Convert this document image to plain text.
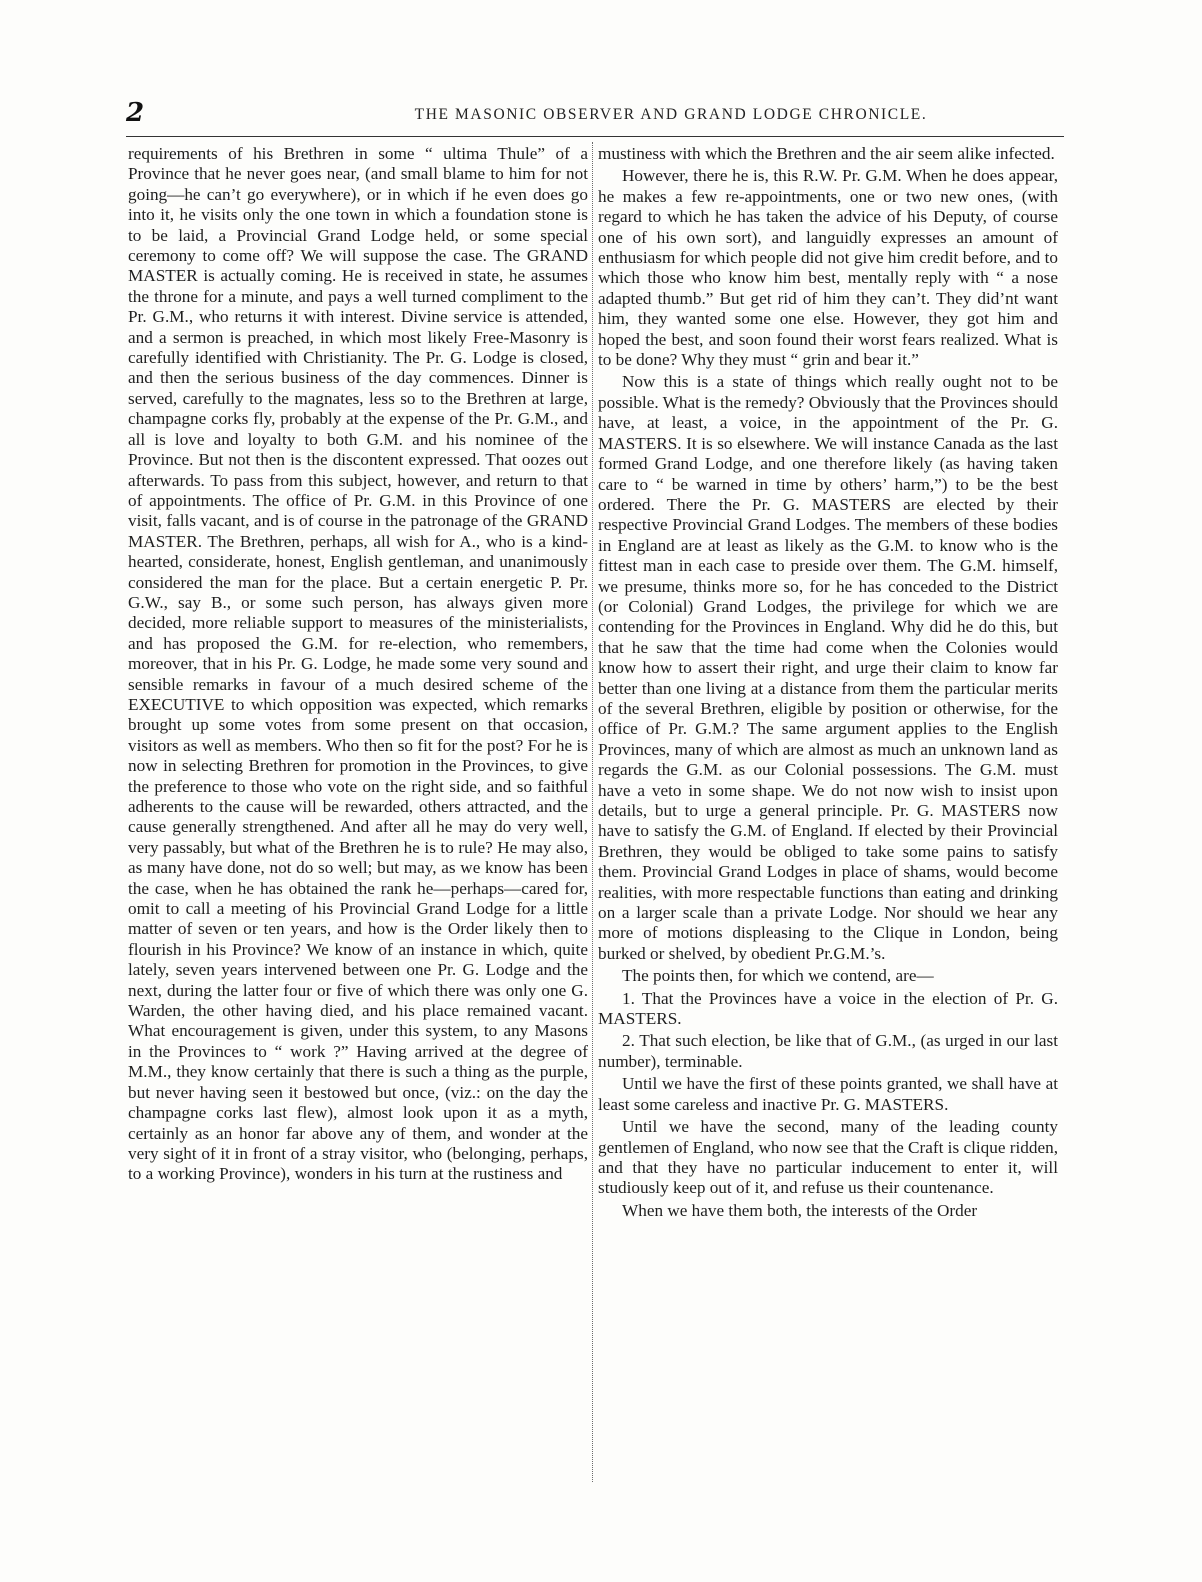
2	THE MASONIC OBSERVER AND GRAND LODGE CHRONICLE.

requirements of his Brethren in some “ ultima Thule” of a Province that he never goes near, (and small blame to him for not going—he can’t go everywhere), or in which if he even does go into it, he visits only the one town in which a foundation stone is to be laid, a Provincial Grand Lodge held, or some special ceremony to come off? We will suppose the case. The GRAND MASTER is actually coming. He is received in state, he assumes the throne for a minute, and pays a well turned compliment to the Pr. G.M., who returns it with interest. Divine service is attended, and a sermon is preached, in which most likely Free-Masonry is carefully identified with Christianity. The Pr. G. Lodge is closed, and then the serious business of the day commences. Dinner is served, carefully to the magnates, less so to the Brethren at large, champagne corks fly, probably at the expense of the Pr. G.M., and all is love and loyalty to both G.M. and his nominee of the Province. But not then is the discontent expressed. That oozes out afterwards. To pass from this subject, however, and return to that of appointments. The office of Pr. G.M. in this Province of one visit, falls vacant, and is of course in the patronage of the GRAND MASTER. The Brethren, perhaps, all wish for A., who is a kind-hearted, considerate, honest, English gentleman, and unanimously considered the man for the place. But a certain energetic P. Pr. G.W., say B., or some such person, has always given more decided, more reliable support to measures of the ministerialists, and has proposed the G.M. for re-election, who remembers, moreover, that in his Pr. G. Lodge, he made some very sound and sensible remarks in favour of a much desired scheme of the EXECUTIVE to which opposition was expected, which remarks brought up some votes from some present on that occasion, visitors as well as members. Who then so fit for the post? For he is now in selecting Brethren for promotion in the Provinces, to give the preference to those who vote on the right side, and so faithful adherents to the cause will be rewarded, others attracted, and the cause generally strengthened. And after all he may do very well, very passably, but what of the Brethren he is to rule? He may also, as many have done, not do so well; but may, as we know has been the case, when he has obtained the rank he—perhaps—cared for, omit to call a meeting of his Provincial Grand Lodge for a little matter of seven or ten years, and how is the Order likely then to flourish in his Province? We know of an instance in which, quite lately, seven years intervened between one Pr. G. Lodge and the next, during the latter four or five of which there was only one G. Warden, the other having died, and his place remained vacant. What encouragement is given, under this system, to any Masons in the Provinces to “ work ?” Having arrived at the degree of M.M., they know certainly that there is such a thing as the purple, but never having seen it bestowed but once, (viz.: on the day the champagne corks last flew), almost look upon it as a myth, certainly as an honor far above any of them, and wonder at the very sight of it in front of a stray visitor, who (belonging, perhaps, to a working Province), wonders in his turn at the rustiness and

mustiness with which the Brethren and the air seem alike infected.

However, there he is, this R.W. Pr. G.M. When he does appear, he makes a few re-appointments, one or two new ones, (with regard to which he has taken the advice of his Deputy, of course one of his own sort), and languidly expresses an amount of enthusiasm for which people did not give him credit before, and to which those who know him best, mentally reply with “ a nose adapted thumb.” But get rid of him they can’t. They did’nt want him, they wanted some one else. However, they got him and hoped the best, and soon found their worst fears realized. What is to be done? Why they must “ grin and bear it.”

Now this is a state of things which really ought not to be possible. What is the remedy? Obviously that the Provinces should have, at least, a voice, in the appointment of the Pr. G. MASTERS. It is so elsewhere. We will instance Canada as the last formed Grand Lodge, and one therefore likely (as having taken care to “ be warned in time by others’ harm,”) to be the best ordered. There the Pr. G. MASTERS are elected by their respective Provincial Grand Lodges. The members of these bodies in England are at least as likely as the G.M. to know who is the fittest man in each case to preside over them. The G.M. himself, we presume, thinks more so, for he has conceded to the District (or Colonial) Grand Lodges, the privilege for which we are contending for the Provinces in England. Why did he do this, but that he saw that the time had come when the Colonies would know how to assert their right, and urge their claim to know far better than one living at a distance from them the particular merits of the several Brethren, eligible by position or otherwise, for the office of Pr. G.M.? The same argument applies to the English Provinces, many of which are almost as much an unknown land as regards the G.M. as our Colonial possessions. The G.M. must have a veto in some shape. We do not now wish to insist upon details, but to urge a general principle. Pr. G. MASTERS now have to satisfy the G.M. of England. If elected by their Provincial Brethren, they would be obliged to take some pains to satisfy them. Provincial Grand Lodges in place of shams, would become realities, with more respectable functions than eating and drinking on a larger scale than a private Lodge. Nor should we hear any more of motions displeasing to the Clique in London, being burked or shelved, by obedient Pr.G.M.’s.

The points then, for which we contend, are—

1. That the Provinces have a voice in the election of Pr. G. MASTERS.

2. That such election, be like that of G.M., (as urged in our last number), terminable.

Until we have the first of these points granted, we shall have at least some careless and inactive Pr. G. MASTERS.

Until we have the second, many of the leading county gentlemen of England, who now see that the Craft is clique ridden, and that they have no particular inducement to enter it, will studiously keep out of it, and refuse us their countenance.

When we have them both, the interests of the Order
